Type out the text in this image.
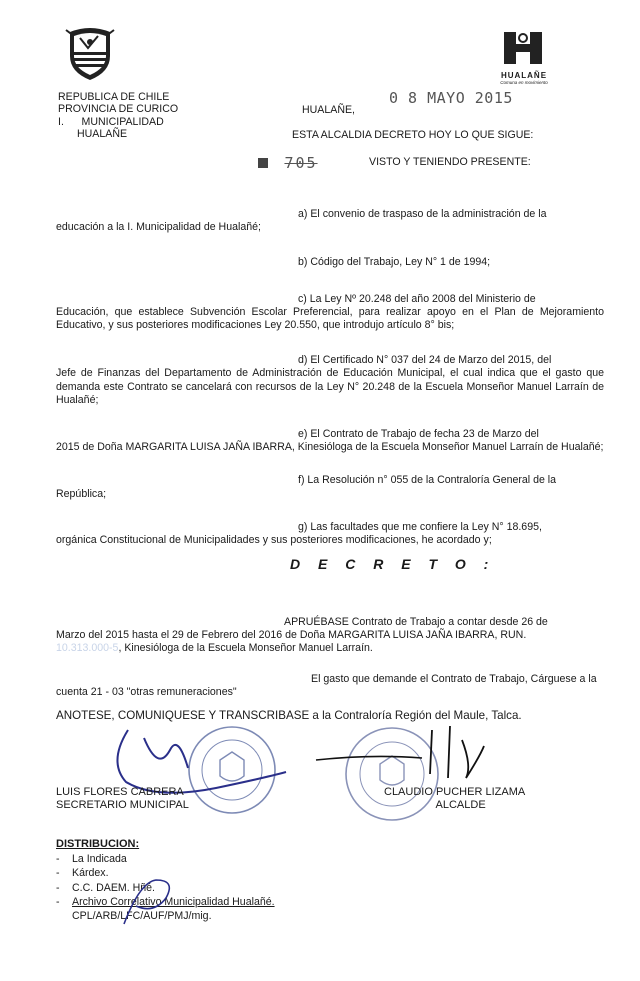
HUALAÑE
Comuna en movimiento
REPUBLICA DE CHILE
PROVINCIA DE CURICO
I.      MUNICIPALIDAD
HUALAÑE
HUALAÑE,
0 8 MAYO 2015
ESTA ALCALDIA DECRETO HOY LO QUE SIGUE:
705	VISTO Y TENIENDO PRESENTE:
a) El convenio de traspaso de la administración de la
educación a la I. Municipalidad de Hualañé;
b) Código del Trabajo, Ley N° 1 de 1994;
c) La Ley Nº 20.248 del año 2008 del Ministerio de
Educación, que establece Subvención Escolar Preferencial, para realizar apoyo en el Plan de Mejoramiento Educativo, y sus posteriores modificaciones Ley 20.550, que introdujo artículo 8° bis;
d) El Certificado N° 037 del 24 de Marzo del 2015, del
Jefe de Finanzas del Departamento de Administración de Educación Municipal, el cual indica que el gasto que demanda este Contrato se cancelará con recursos de la Ley N° 20.248 de la Escuela Monseñor Manuel Larraín de Hualañé;
e) El Contrato de Trabajo de fecha 23 de Marzo del
2015 de Doña MARGARITA LUISA JAÑA IBARRA, Kinesióloga de la Escuela Monseñor Manuel Larraín de Hualañé;
f) La Resolución n° 055 de la Contraloría General de la
República;
g) Las facultades que me confiere la Ley N° 18.695,
orgánica Constitucional de Municipalidades y sus posteriores modificaciones, he acordado y;
D E C R E T O :
APRUÉBASE Contrato de Trabajo a contar desde 26 de
Marzo del 2015 hasta el 29 de Febrero del 2016 de Doña MARGARITA LUISA JAÑA IBARRA, RUN.
10.313.000-5, Kinesióloga de la Escuela Monseñor Manuel Larraín.
El gasto que demande el Contrato de Trabajo, Cárguese a la
cuenta 21 - 03 "otras remuneraciones"
ANOTESE, COMUNIQUESE Y TRANSCRIBASE a la Contraloría Región del Maule, Talca.
LUIS FLORES CABRERA
SECRETARIO MUNICIPAL
CLAUDIO PUCHER LIZAMA
ALCALDE
DISTRIBUCION:
- La Indicada
- Kárdex.
- C.C. DAEM. Hñé.
- Archivo Correlativo Municipalidad Hualañé.
CPL/ARB/LFC/AUF/PMJ/mig.
